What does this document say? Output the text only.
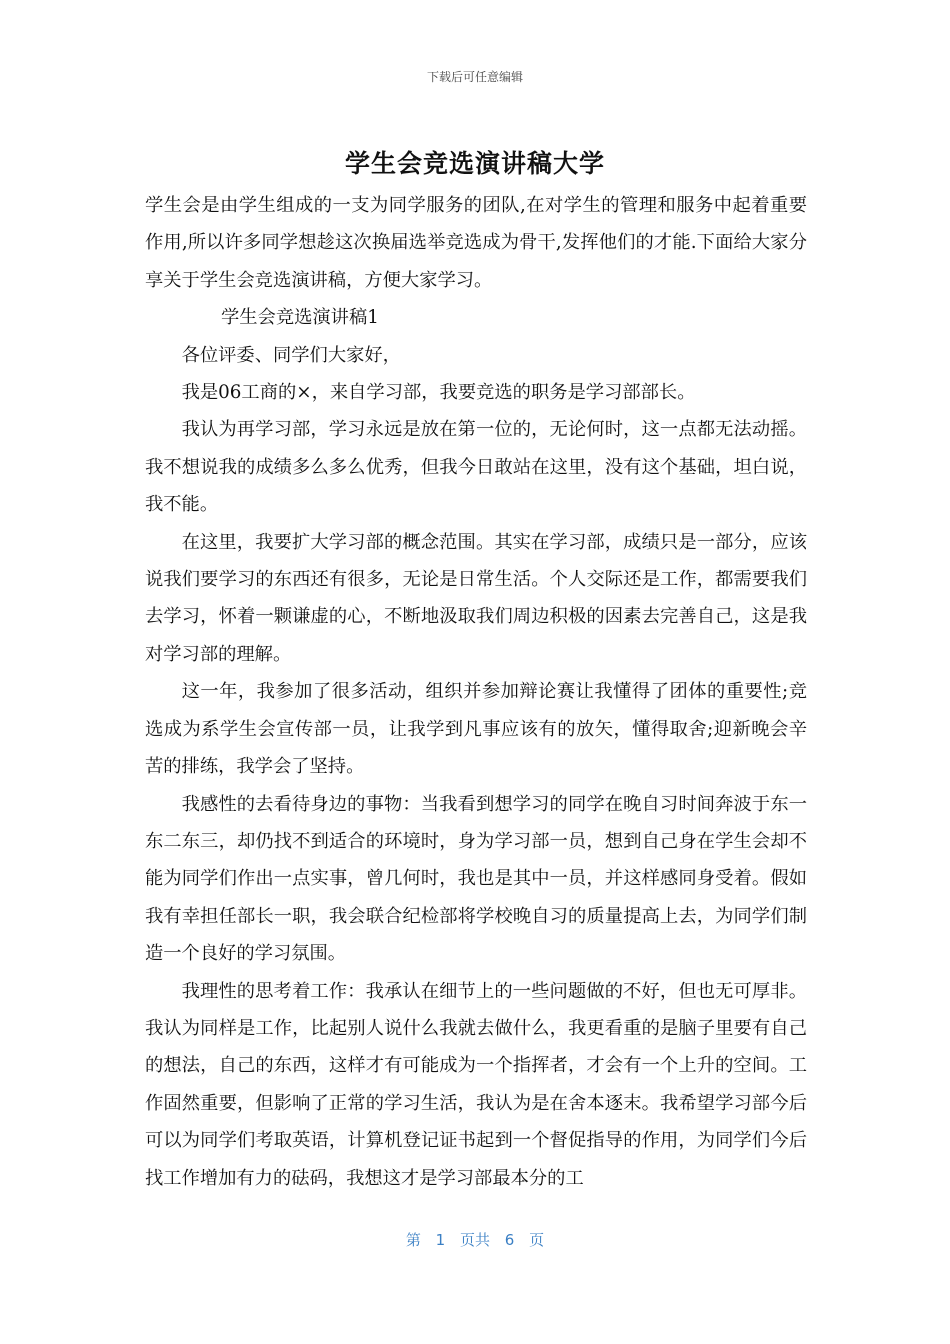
下载后可任意编辑
学生会竞选演讲稿大学

学生会是由学生组成的一支为同学服务的团队,在对学生的管理和服务中起着重要作用,所以许多同学想趁这次换届选举竞选成为骨干,发挥他们的才能.下面给大家分享关于学生会竞选演讲稿，方便大家学习。

学生会竞选演讲稿1

各位评委、同学们大家好，

我是06工商的×，来自学习部，我要竞选的职务是学习部部长。

我认为再学习部，学习永远是放在第一位的，无论何时，这一点都无法动摇。我不想说我的成绩多么多么优秀，但我今日敢站在这里，没有这个基础，坦白说，我不能。

在这里，我要扩大学习部的概念范围。其实在学习部，成绩只是一部分，应该说我们要学习的东西还有很多，无论是日常生活。个人交际还是工作，都需要我们去学习，怀着一颗谦虚的心，不断地汲取我们周边积极的因素去完善自己，这是我对学习部的理解。

这一年，我参加了很多活动，组织并参加辩论赛让我懂得了团体的重要性;竞选成为系学生会宣传部一员，让我学到凡事应该有的放矢，懂得取舍;迎新晚会辛苦的排练，我学会了坚持。

我感性的去看待身边的事物：当我看到想学习的同学在晚自习时间奔波于东一东二东三，却仍找不到适合的环境时，身为学习部一员，想到自己身在学生会却不能为同学们作出一点实事，曾几何时，我也是其中一员，并这样感同身受着。假如我有幸担任部长一职，我会联合纪检部将学校晚自习的质量提高上去，为同学们制造一个良好的学习氛围。

我理性的思考着工作：我承认在细节上的一些问题做的不好，但也无可厚非。我认为同样是工作，比起别人说什么我就去做什么，我更看重的是脑子里要有自己的想法，自己的东西，这样才有可能成为一个指挥者，才会有一个上升的空间。工作固然重要，但影响了正常的学习生活，我认为是在舍本逐末。我希望学习部今后可以为同学们考取英语，计算机登记证书起到一个督促指导的作用，为同学们今后找工作增加有力的砝码，我想这才是学习部最本分的工

第 1 页共 6 页
